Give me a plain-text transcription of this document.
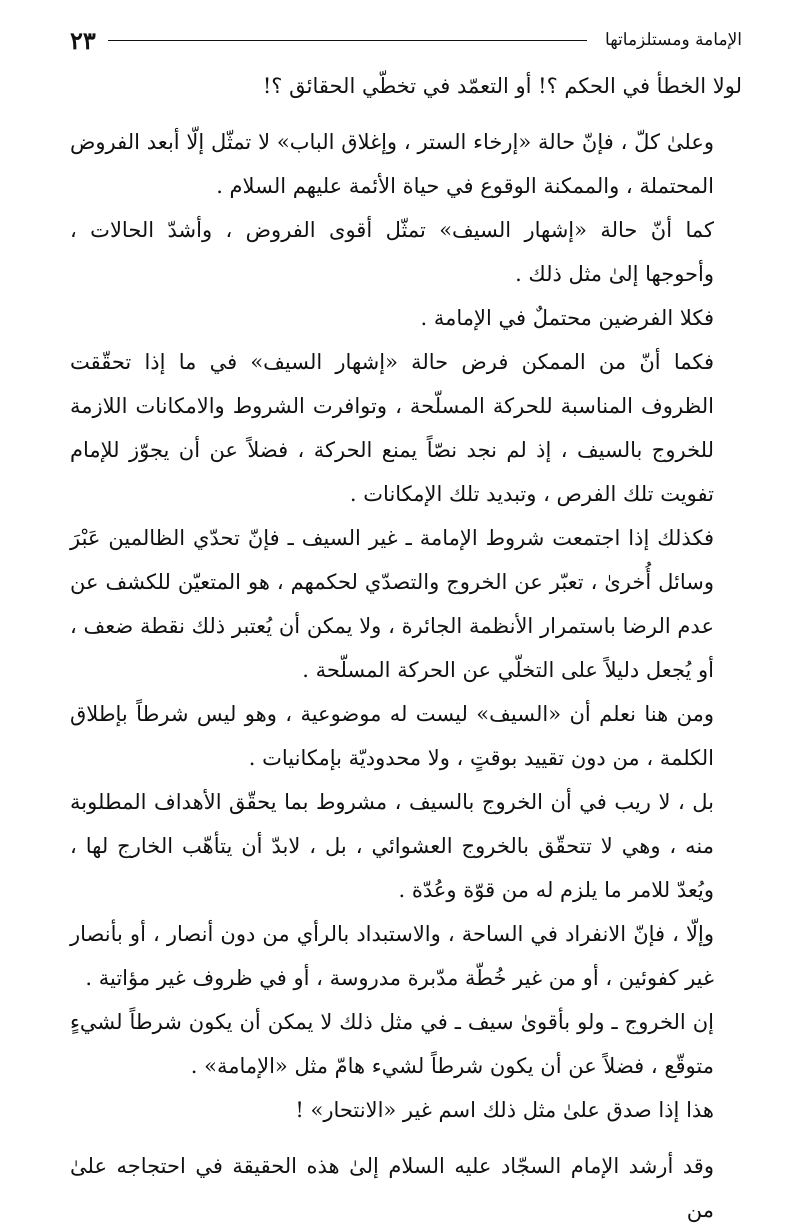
الإمامة ومستلزماتها
٢٣

لولا الخطأ في الحكم ؟! أو التعمّد في تخطّي الحقائق ؟!

وعلىٰ كلّ ، فإنّ حالة «إرخاء الستر ، وإغلاق الباب» لا تمثّل إلّا أبعد الفروض المحتملة ، والممكنة الوقوع في حياة الأئمة عليهم السلام .

كما أنّ حالة «إشهار السيف» تمثّل أقوى الفروض ، وأشدّ الحالات ، وأحوجها إلىٰ مثل ذلك .

فكلا الفرضين محتملٌ في الإمامة .

فكما أنّ من الممكن فرض حالة «إشهار السيف» في ما إذا تحقّقت الظروف المناسبة للحركة المسلّحة ، وتوافرت الشروط والامكانات اللازمة للخروج بالسيف ، إذ لم نجد نصّاً يمنع الحركة ، فضلاً عن أن يجوّز للإمام تفويت تلك الفرص ، وتبديد تلك الإمكانات .

فكذلك إذا اجتمعت شروط الإمامة ـ غير السيف ـ فإنّ تحدّي الظالمين عَبْرَ وسائل أُخرىٰ ، تعبّر عن الخروج والتصدّي لحكمهم ، هو المتعيّن للكشف عن عدم الرضا باستمرار الأنظمة الجائرة ، ولا يمكن أن يُعتبر ذلك نقطة ضعف ، أو يُجعل دليلاً على التخلّي عن الحركة المسلّحة .

ومن هنا نعلم أن «السيف» ليست له موضوعية ، وهو ليس شرطاً بإطلاق الكلمة ، من دون تقييد بوقتٍ ، ولا محدوديّة بإمكانيات .

بل ، لا ريب في أن الخروج بالسيف ، مشروط بما يحقّق الأهداف المطلوبة منه ، وهي لا تتحقّق بالخروج العشوائي ، بل ، لابدّ أن يتأهّب الخارج لها ، ويُعدّ للامر ما يلزم له من قوّة وعُدّة .

وإلّا ، فإنّ الانفراد في الساحة ، والاستبداد بالرأي من دون أنصار ، أو بأنصار غير كفوئين ، أو من غير خُطّة مدّبرة مدروسة ، أو في ظروف غير مؤاتية .

إن الخروج ـ ولو بأقوىٰ سيف ـ في مثل ذلك لا يمكن أن يكون شرطاً لشيءٍ متوقّع ، فضلاً عن أن يكون شرطاً لشيء هامّ مثل «الإمامة» .

هذا إذا صدق علىٰ مثل ذلك اسم غير «الانتحار» !

وقد أرشد الإمام السجّاد عليه السلام إلىٰ هذه الحقيقة في احتجاجه علىٰ من
